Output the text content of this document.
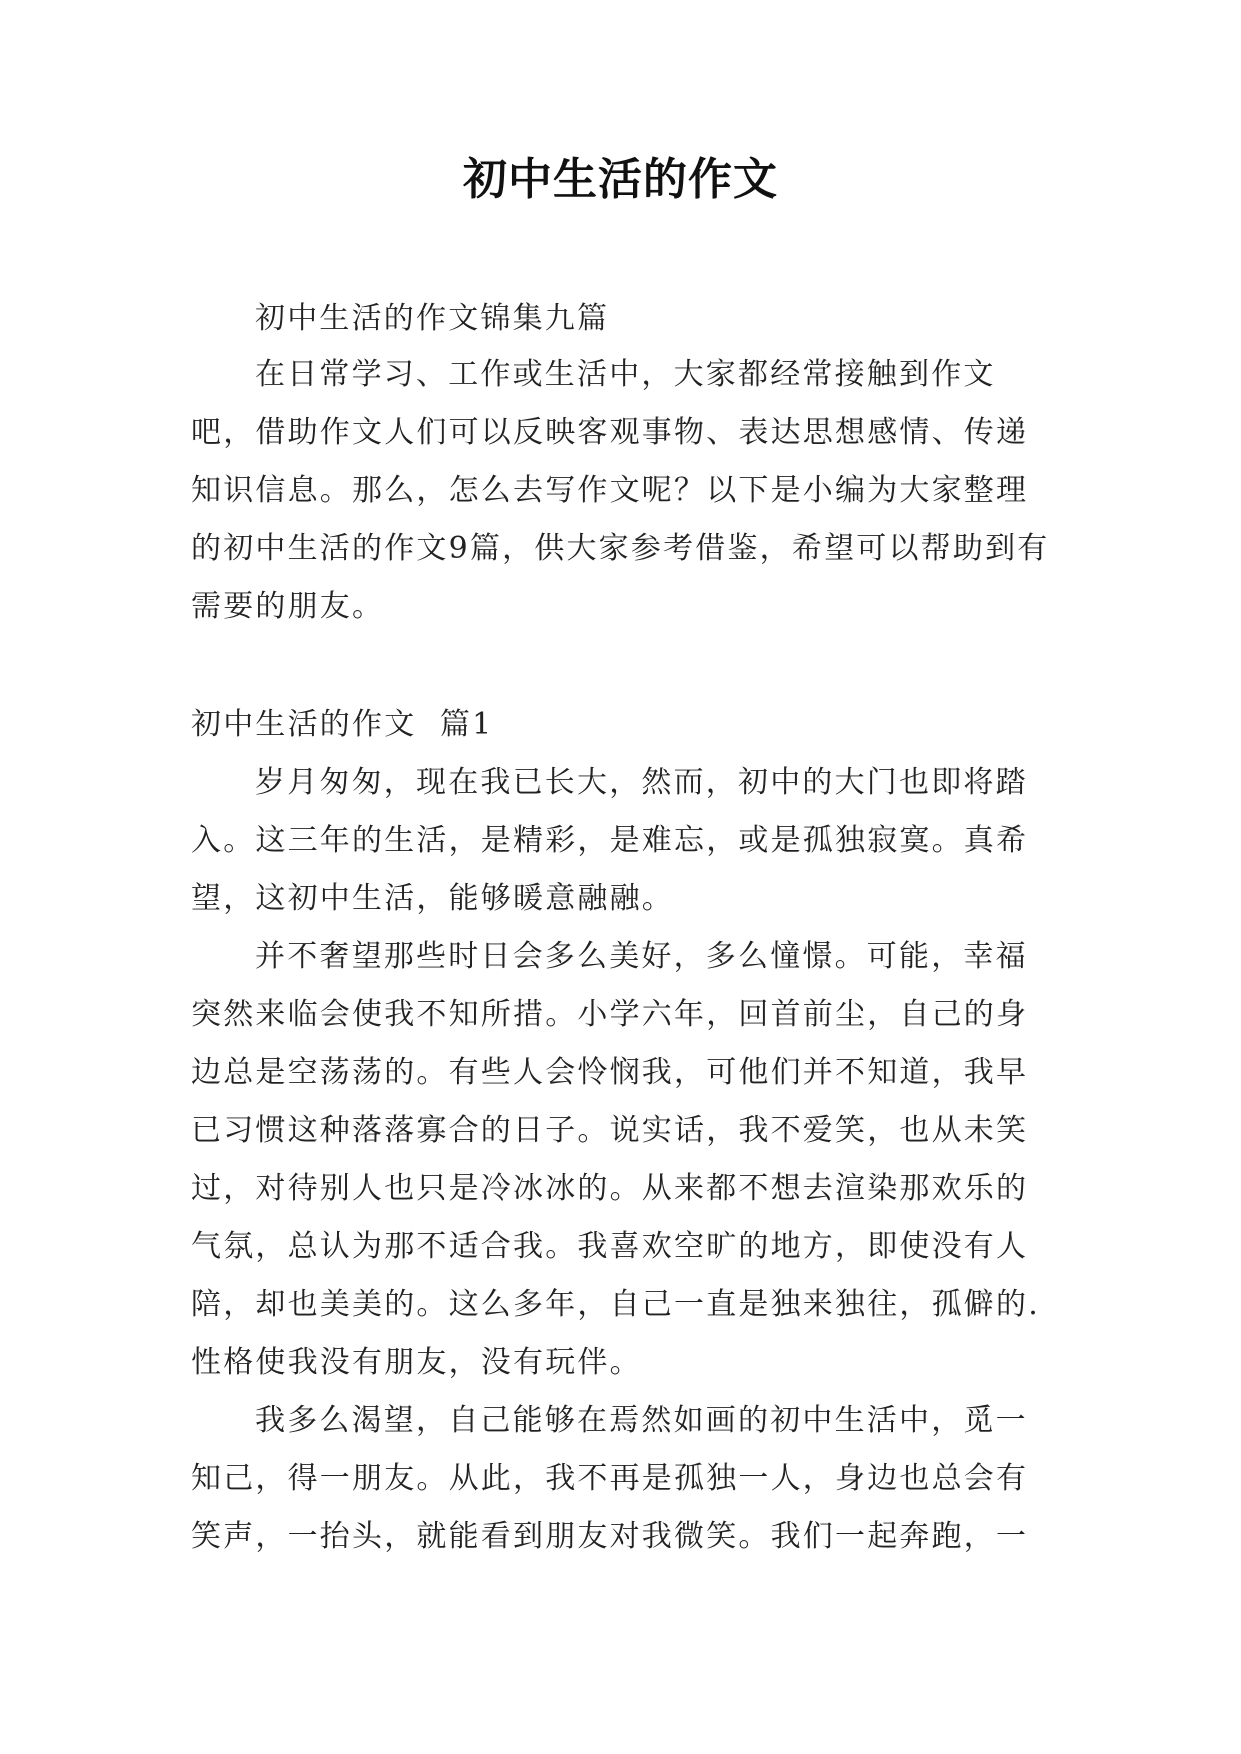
初中生活的作文
初中生活的作文锦集九篇

在日常学习、工作或生活中，大家都经常接触到作文吧，借助作文人们可以反映客观事物、表达思想感情、传递知识信息。那么，怎么去写作文呢？以下是小编为大家整理的初中生活的作文9篇，供大家参考借鉴，希望可以帮助到有需要的朋友。

初中生活的作文  篇1

岁月匆匆，现在我已长大，然而，初中的大门也即将踏入。这三年的生活，是精彩，是难忘，或是孤独寂寞。真希望，这初中生活，能够暖意融融。

并不奢望那些时日会多么美好，多么憧憬。可能，幸福突然来临会使我不知所措。小学六年，回首前尘，自己的身边总是空荡荡的。有些人会怜悯我，可他们并不知道，我早已习惯这种落落寡合的日子。说实话，我不爱笑，也从未笑过，对待别人也只是冷冰冰的。从来都不想去渲染那欢乐的气氛，总认为那不适合我。我喜欢空旷的地方，即使没有人陪，却也美美的。这么多年，自己一直是独来独往，孤僻的.性格使我没有朋友，没有玩伴。

我多么渴望，自己能够在焉然如画的初中生活中，觅一知己，得一朋友。从此，我不再是孤独一人，身边也总会有笑声，一抬头，就能看到朋友对我微笑。我们一起奔跑，一
